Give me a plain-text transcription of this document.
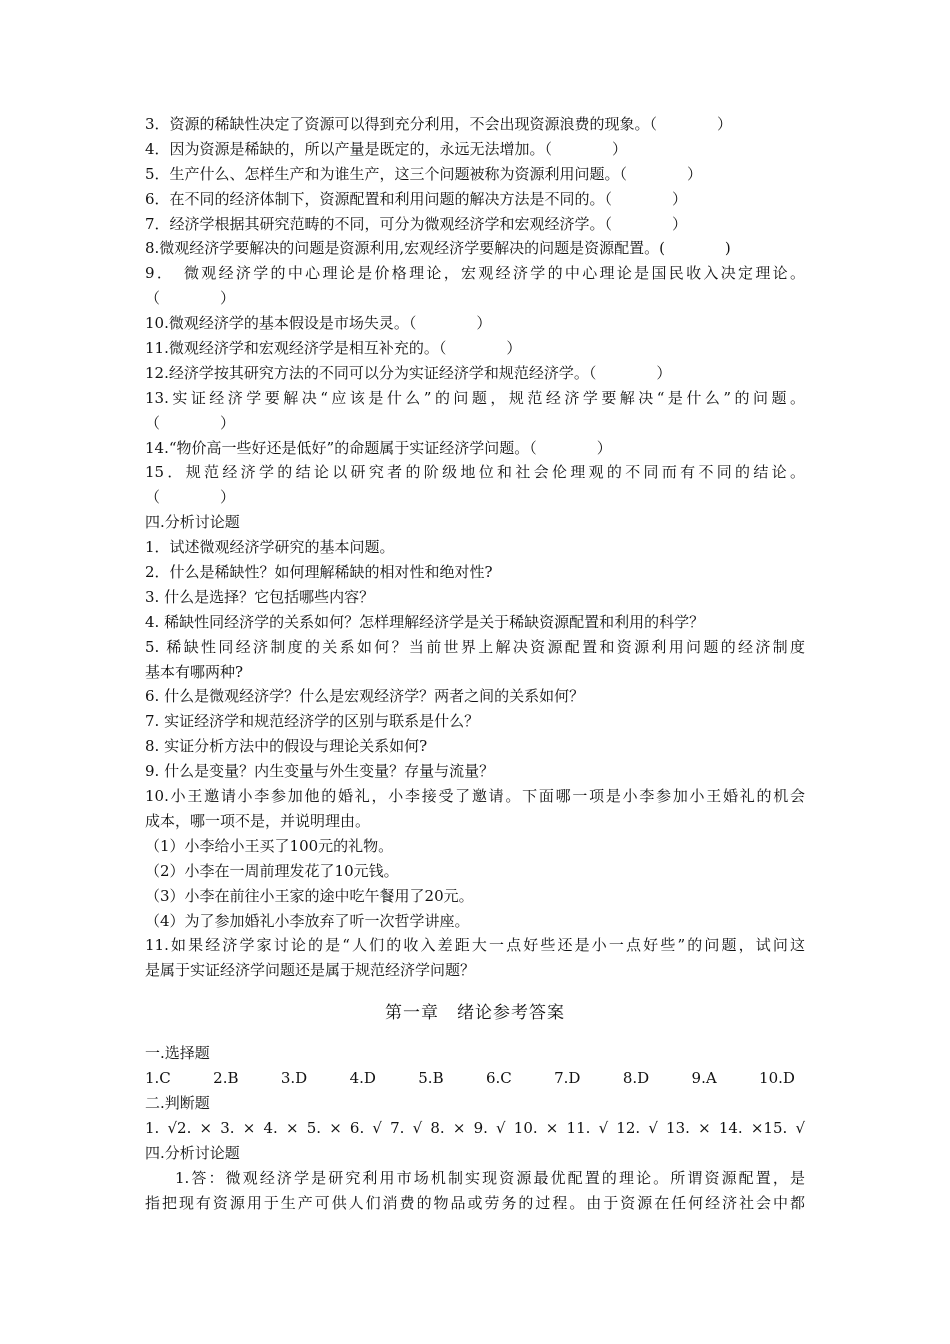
3．资源的稀缺性决定了资源可以得到充分利用，不会出现资源浪费的现象。（　　　　）
4．因为资源是稀缺的，所以产量是既定的，永远无法增加。（　　　　）
5．生产什么、怎样生产和为谁生产，这三个问题被称为资源利用问题。（　　　　）
6．在不同的经济体制下，资源配置和利用问题的解决方法是不同的。（　　　　）
7．经济学根据其研究范畴的不同，可分为微观经济学和宏观经济学。（　　　　）
8.微观经济学要解决的问题是资源利用,宏观经济学要解决的问题是资源配置。(　　　　)
9．　微观经济学的中心理论是价格理论，宏观经济学的中心理论是国民收入决定理论。
（　　　　）
10.微观经济学的基本假设是市场失灵。（　　　　）
11.微观经济学和宏观经济学是相互补充的。（　　　　）
12.经济学按其研究方法的不同可以分为实证经济学和规范经济学。（　　　　）
13.实证经济学要解决“应该是什么”的问题，规范经济学要解决“是什么”的问题。
（　　　　）
14.“物价高一些好还是低好”的命题属于实证经济学问题。（　　　　）
15．规范经济学的结论以研究者的阶级地位和社会伦理观的不同而有不同的结论。
（　　　　）
四.分析讨论题
1．试述微观经济学研究的基本问题。
2．什么是稀缺性？如何理解稀缺的相对性和绝对性?
3. 什么是选择？它包括哪些内容？
4. 稀缺性同经济学的关系如何？怎样理解经济学是关于稀缺资源配置和利用的科学？
5. 稀缺性同经济制度的关系如何？当前世界上解决资源配置和资源利用问题的经济制度
基本有哪两种?
6. 什么是微观经济学？什么是宏观经济学？两者之间的关系如何？
7. 实证经济学和规范经济学的区别与联系是什么？
8. 实证分析方法中的假设与理论关系如何?
9. 什么是变量？内生变量与外生变量？存量与流量？
10.小王邀请小李参加他的婚礼，小李接受了邀请。下面哪一项是小李参加小王婚礼的机会
成本，哪一项不是，并说明理由。
（1）小李给小王买了100元的礼物。
（2）小李在一周前理发花了10元钱。
（3）小李在前往小王家的途中吃午餐用了20元。
（4）为了参加婚礼小李放弃了听一次哲学讲座。
11.如果经济学家讨论的是“人们的收入差距大一点好些还是小一点好些”的问题，试问这
是属于实证经济学问题还是属于规范经济学问题？
第一章　绪论参考答案
一.选择题
1.C	2.B	3.D	4.D	5.B	6.C	7.D	8.D	9.A	10.D
二.判断题
1. √2. × 3. × 4. × 5. × 6. √ 7. √ 8. × 9. √ 10. × 11. √ 12. √ 13. × 14. ×15. √
四.分析讨论题
1.答：微观经济学是研究利用市场机制实现资源最优配置的理论。所谓资源配置，是
指把现有资源用于生产可供人们消费的物品或劳务的过程。由于资源在任何经济社会中都
